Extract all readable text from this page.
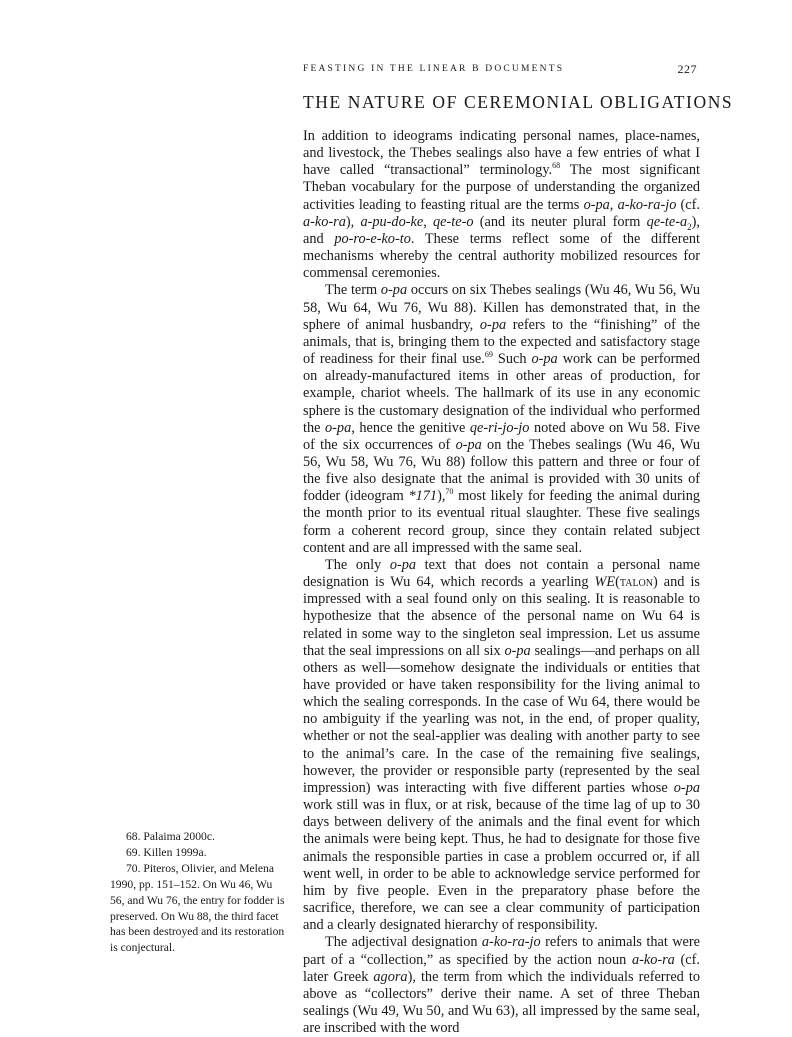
FEASTING IN THE LINEAR B DOCUMENTS	227
THE NATURE OF CEREMONIAL OBLIGATIONS

In addition to ideograms indicating personal names, place-names, and livestock, the Thebes sealings also have a few entries of what I have called “transactional” terminology.$^{68}$ The most significant Theban vocabulary for the purpose of understanding the organized activities leading to feasting ritual are the terms o-pa, a-ko-ra-jo (cf. a-ko-ra), a-pu-do-ke, qe-te-o (and its neuter plural form $qe-te-a_2$), and po-ro-e-ko-to. These terms reflect some of the different mechanisms whereby the central authority mobilized resources for commensal ceremonies.

The term o-pa occurs on six Thebes sealings (Wu 46, Wu 56, Wu 58, Wu 64, Wu 76, Wu 88). Killen has demonstrated that, in the sphere of animal husbandry, o-pa refers to the “finishing” of the animals, that is, bringing them to the expected and satisfactory stage of readiness for their final use.$^{69}$ Such o-pa work can be performed on already-manufactured items in other areas of production, for example, chariot wheels. The hallmark of its use in any economic sphere is the customary designation of the individual who performed the o-pa, hence the genitive qe-ri-jo-jo noted above on Wu 58. Five of the six occurrences of o-pa on the Thebes sealings (Wu 46, Wu 56, Wu 58, Wu 76, Wu 88) follow this pattern and three or four of the five also designate that the animal is provided with 30 units of fodder (ideogram *171),$^{70}$ most likely for feeding the animal during the month prior to its eventual ritual slaughter. These five sealings form a coherent record group, since they contain related subject content and are all impressed with the same seal.

The only o-pa text that does not contain a personal name designation is Wu 64, which records a yearling WE(talon) and is impressed with a seal found only on this sealing. It is reasonable to hypothesize that the absence of the personal name on Wu 64 is related in some way to the singleton seal impression. Let us assume that the seal impressions on all six o-pa sealings—and perhaps on all others as well—somehow designate the individuals or entities that have provided or have taken responsibility for the living animal to which the sealing corresponds. In the case of Wu 64, there would be no ambiguity if the yearling was not, in the end, of proper quality, whether or not the seal-applier was dealing with another party to see to the animal’s care. In the case of the remaining five sealings, however, the provider or responsible party (represented by the seal impression) was interacting with five different parties whose o-pa work still was in flux, or at risk, because of the time lag of up to 30 days between delivery of the animals and the final event for which the animals were being kept. Thus, he had to designate for those five animals the responsible parties in case a problem occurred or, if all went well, in order to be able to acknowledge service performed for him by five people. Even in the preparatory phase before the sacrifice, therefore, we can see a clear community of participation and a clearly designated hierarchy of responsibility.

The adjectival designation a-ko-ra-jo refers to animals that were part of a “collection,” as specified by the action noun a-ko-ra (cf. later Greek agora), the term from which the individuals referred to above as “collectors” derive their name. A set of three Theban sealings (Wu 49, Wu 50, and Wu 63), all impressed by the same seal, are inscribed with the word

68. Palaima 2000c.

69. Killen 1999a.

70. Piteros, Olivier, and Melena 1990, pp. 151–152. On Wu 46, Wu 56, and Wu 76, the entry for fodder is preserved. On Wu 88, the third facet has been destroyed and its restoration is conjectural.
